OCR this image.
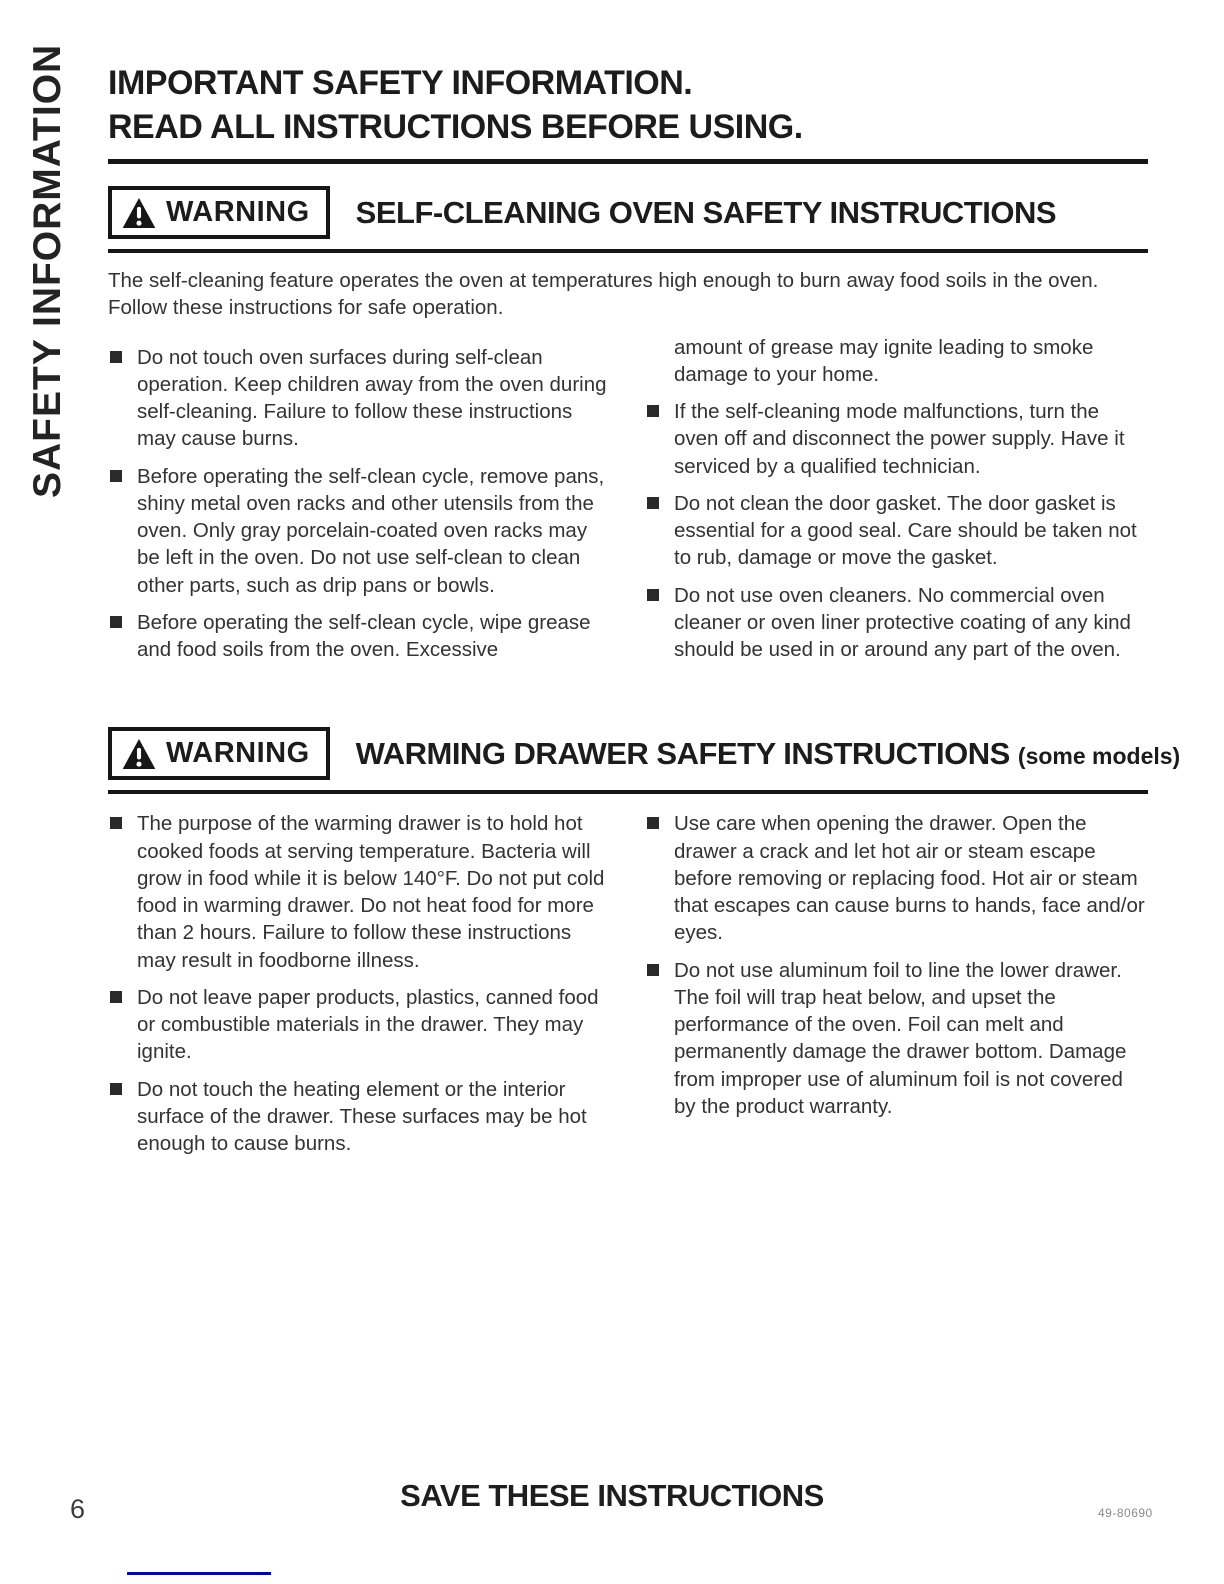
SAFETY INFORMATION IMPORTANT SAFETY INFORMATION.
READ ALL INSTRUCTIONS BEFORE USING.
WARNING SELF-CLEANING OVEN SAFETY INSTRUCTIONS
The self-cleaning feature operates the oven at temperatures high enough to burn away food soils in the oven. Follow these instructions for safe operation.
Do not touch oven surfaces during self-clean operation. Keep children away from the oven during self-cleaning. Failure to follow these instructions may cause burns.
Before operating the self-clean cycle, remove pans, shiny metal oven racks and other utensils from the oven. Only gray porcelain-coated oven racks may be left in the oven. Do not use self-clean to clean other parts, such as drip pans or bowls.
Before operating the self-clean cycle, wipe grease and food soils from the oven. Excessive
amount of grease may ignite leading to smoke damage to your home.
If the self-cleaning mode malfunctions, turn the oven off and disconnect the power supply. Have it serviced by a qualified technician.
Do not clean the door gasket. The door gasket is essential for a good seal. Care should be taken not to rub, damage or move the gasket.
Do not use oven cleaners. No commercial oven cleaner or oven liner protective coating of any kind should be used in or around any part of the oven.
WARNING WARMING DRAWER SAFETY INSTRUCTIONS (some models)
The purpose of the warming drawer is to hold hot cooked foods at serving temperature. Bacteria will grow in food while it is below 140°F. Do not put cold food in warming drawer. Do not heat food for more than 2 hours. Failure to follow these instructions may result in foodborne illness.
Do not leave paper products, plastics, canned food or combustible materials in the drawer. They may ignite.
Do not touch the heating element or the interior surface of the drawer. These surfaces may be hot enough to cause burns.
Use care when opening the drawer. Open the drawer a crack and let hot air or steam escape before removing or replacing food. Hot air or steam that escapes can cause burns to hands, face and/or eyes.
Do not use aluminum foil to line the lower drawer. The foil will trap heat below, and upset the performance of the oven. Foil can melt and permanently damage the drawer bottom. Damage from improper use of aluminum foil is not covered by the product warranty.
SAVE THESE INSTRUCTIONS
6	49-80690
